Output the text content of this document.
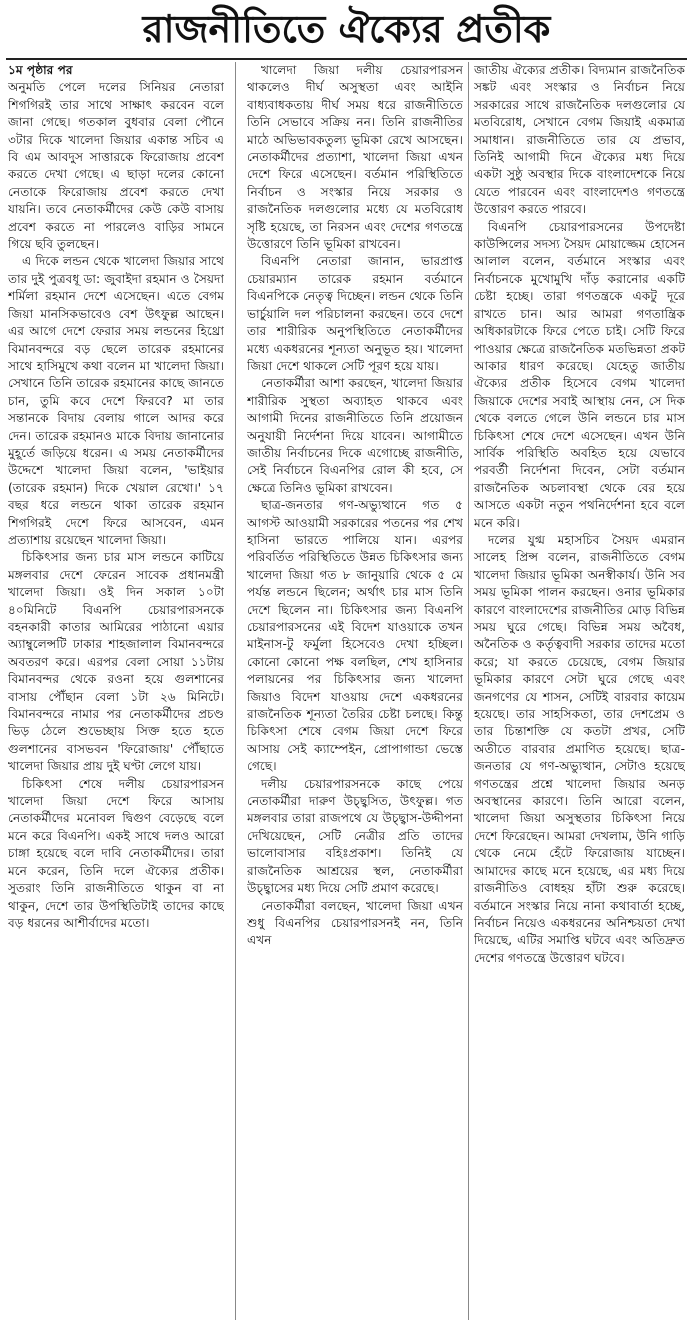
রাজনীতিতে ঐক্যের প্রতীক
১ম পৃষ্ঠার পর

অনুমতি পেলে দলের সিনিয়র নেতারা শিগগিরই তার সাথে সাক্ষাৎ করবেন বলে জানা গেছে। গতকাল বুধবার বেলা পৌনে ৩টার দিকে খালেদা জিয়ার একান্ত সচিব এ বি এম আবদুস সাত্তারকে ফিরোজায় প্রবেশ করতে দেখা গেছে। এ ছাড়া দলের কোনো নেতাকে ফিরোজায় প্রবেশ করতে দেখা যায়নি। তবে নেতাকর্মীদের কেউ কেউ বাসায় প্রবেশ করতে না পারলেও বাড়ির সামনে গিয়ে ছবি তুলছেন।

এ দিকে লন্ডন থেকে খালেদা জিয়ার সাথে তার দুই পুত্রবধূ ডা: জুবাইদা রহমান ও সৈয়দা শর্মিলা রহমান দেশে এসেছেন। এতে বেগম জিয়া মানসিকভাবেও বেশ উৎফুল্ল আছেন। এর আগে দেশে ফেরার সময় লন্ডনের হিথ্রো বিমানবন্দরে বড় ছেলে তারেক রহমানের সাথে হাসিমুখে কথা বলেন মা খালেদা জিয়া। সেখানে তিনি তারেক রহমানের কাছে জানতে চান, তুমি কবে দেশে ফিরবে? মা তার সন্তানকে বিদায় বেলায় গালে আদর করে দেন। তারেক রহমানও মাকে বিদায় জানানোর মুহূর্তে জড়িয়ে ধরেন। এ সময় নেতাকর্মীদের উদ্দেশে খালেদা জিয়া বলেন, 'ভাইয়ার (তারেক রহমান) দিকে খেয়াল রেখো।' ১৭ বছর ধরে লন্ডনে থাকা তারেক রহমান শিগগিরই দেশে ফিরে আসবেন, এমন প্রত্যাশায় রয়েছেন খালেদা জিয়া।

চিকিৎসার জন্য চার মাস লন্ডনে কাটিয়ে মঙ্গলবার দেশে ফেরেন সাবেক প্রধানমন্ত্রী খালেদা জিয়া। ওই দিন সকাল ১০টা ৪০মিনিটে বিএনপি চেয়ারপারসনকে বহনকারী কাতার আমিরের পাঠানো এয়ার অ্যাম্বুলেন্সটি ঢাকার শাহজালাল বিমানবন্দরে অবতরণ করে। এরপর বেলা সোয়া ১১টায় বিমানবন্দর থেকে রওনা হয়ে গুলশানের বাসায় পৌঁছান বেলা ১টা ২৬ মিনিটে। বিমানবন্দরে নামার পর নেতাকর্মীদের প্রচণ্ড ভিড় ঠেলে শুভেচ্ছায় সিক্ত হতে হতে গুলশানের বাসভবন 'ফিরোজায়' পৌঁছাতে খালেদা জিয়ার প্রায় দুই ঘণ্টা লেগে যায়।

চিকিৎসা শেষে দলীয় চেয়ারপারসন খালেদা জিয়া দেশে ফিরে আসায় নেতাকর্মীদের মনোবল দ্বিগুণ বেড়েছে বলে মনে করে বিএনপি। একই সাথে দলও আরো চাঙ্গা হয়েছে বলে দাবি নেতাকর্মীদের। তারা মনে করেন, তিনি দলে ঐক্যের প্রতীক। সুতরাং তিনি রাজনীতিতে থাকুন বা না থাকুন, দেশে তার উপস্থিতিটাই তাদের কাছে বড় ধরনের আশীর্বাদের মতো।

খালেদা জিয়া দলীয় চেয়ারপারসন থাকলেও দীর্ঘ অসুস্থতা এবং আইনি বাধ্যবাধকতায় দীর্ঘ সময় ধরে রাজনীতিতে তিনি সেভাবে সক্রিয় নন। তিনি রাজনীতির মাঠে অভিভাবকতুল্য ভূমিকা রেখে আসছেন। নেতাকর্মীদের প্রত্যাশা, খালেদা জিয়া এখন দেশে ফিরে এসেছেন। বর্তমান পরিস্থিতিতে নির্বাচন ও সংস্কার নিয়ে সরকার ও রাজনৈতিক দলগুলোর মধ্যে যে মতবিরোধ সৃষ্টি হয়েছে, তা নিরসন এবং দেশের গণতন্ত্রে উত্তোরণে তিনি ভূমিকা রাখবেন।

বিএনপি নেতারা জানান, ভারপ্রাপ্ত চেয়ারম্যান তারেক রহমান বর্তমানে বিএনপিকে নেতৃত্ব দিচ্ছেন। লন্ডন থেকে তিনি ভার্চুয়ালি দল পরিচালনা করছেন। তবে দেশে তার শারীরিক অনুপস্থিতিতে নেতাকর্মীদের মধ্যে একধরনের শূন্যতা অনুভূত হয়। খালেদা জিয়া দেশে থাকলে সেটি পূরণ হয়ে যায়।

নেতাকর্মীরা আশা করছেন, খালেদা জিয়ার শারীরিক সুস্থতা অব্যাহত থাকবে এবং আগামী দিনের রাজনীতিতে তিনি প্রয়োজন অনুযায়ী নির্দেশনা দিয়ে যাবেন। আগামীতে জাতীয় নির্বাচনের দিকে এগোচ্ছে রাজনীতি, সেই নির্বাচনে বিএনপির রোল কী হবে, সে ক্ষেত্রে তিনিও ভূমিকা রাখবেন।

ছাত্র-জনতার গণ-অভ্যুত্থানে গত ৫ আগস্ট আওয়ামী সরকারের পতনের পর শেখ হাসিনা ভারতে পালিয়ে যান। এরপর পরিবর্তিত পরিস্থিতিতে উন্নত চিকিৎসার জন্য খালেদা জিয়া গত ৮ জানুয়ারি থেকে ৫ মে পর্যন্ত লন্ডনে ছিলেন; অর্থাৎ চার মাস তিনি দেশে ছিলেন না। চিকিৎসার জন্য বিএনপি চেয়ারপারসনের এই বিদেশ যাওয়াকে তখন মাইনাস-টু ফর্মুলা হিসেবেও দেখা হচ্ছিল। কোনো কোনো পক্ষ বলছিল, শেখ হাসিনার পলায়নের পর চিকিৎসার জন্য খালেদা জিয়াও বিদেশ যাওয়ায় দেশে একধরনের রাজনৈতিক শূন্যতা তৈরির চেষ্টা চলছে। কিন্তু চিকিৎসা শেষে বেগম জিয়া দেশে ফিরে আসায় সেই ক্যাম্পেইন, প্রোপাগান্ডা ভেস্তে গেছে।

দলীয় চেয়ারপারসনকে কাছে পেয়ে নেতাকর্মীরা দারুণ উচ্ছ্বসিত, উৎফুল্ল। গত মঙ্গলবার তারা রাজপথে যে উচ্ছ্বাস-উদ্দীপনা দেখিয়েছেন, সেটি নেত্রীর প্রতি তাদের ভালোবাসার বহিঃপ্রকাশ। তিনিই যে রাজনৈতিক আশ্রয়ের স্থল, নেতাকর্মীরা উচ্ছ্বাসের মধ্য দিয়ে সেটি প্রমাণ করেছে।

নেতাকর্মীরা বলছেন, খালেদা জিয়া এখন শুধু বিএনপির চেয়ারপারসনই নন, তিনি এখন

জাতীয় ঐক্যের প্রতীক। বিদ্যমান রাজনৈতিক সঙ্কট এবং সংস্কার ও নির্বাচন নিয়ে সরকারের সাথে রাজনৈতিক দলগুলোর যে মতবিরোধ, সেখানে বেগম জিয়াই একমাত্র সমাধান। রাজনীতিতে তার যে প্রভাব, তিনিই আগামী দিনে ঐক্যের মধ্য দিয়ে একটা সুষ্ঠু অবস্থার দিকে বাংলাদেশকে নিয়ে যেতে পারবেন এবং বাংলাদেশও গণতন্ত্রে উত্তোরণ করতে পারবে।

বিএনপি চেয়ারপারসনের উপদেষ্টা কাউন্সিলের সদস্য সৈয়দ মোয়াজ্জেম হোসেন আলাল বলেন, বর্তমানে সংস্কার এবং নির্বাচনকে মুখোমুখি দাঁড় করানোর একটি চেষ্টা হচ্ছে। তারা গণতন্ত্রকে একটু দূরে রাখতে চান। আর আমরা গণতান্ত্রিক অধিকারটাকে ফিরে পেতে চাই। সেটি ফিরে পাওয়ার ক্ষেত্রে রাজনৈতিক মতভিন্নতা প্রকট আকার ধারণ করেছে। যেহেতু জাতীয় ঐক্যের প্রতীক হিসেবে বেগম খালেদা জিয়াকে দেশের সবাই আস্থায় নেন, সে দিক থেকে বলতে গেলে উনি লন্ডনে চার মাস চিকিৎসা শেষে দেশে এসেছেন। এখন উনি সার্বিক পরিস্থিতি অবহিত হয়ে যেভাবে পরবর্তী নির্দেশনা দিবেন, সেটা বর্তমান রাজনৈতিক অচলাবস্থা থেকে বের হয়ে আসতে একটা নতুন পথনির্দেশনা হবে বলে মনে করি।

দলের যুগ্ম মহাসচিব সৈয়দ এমরান সালেহ প্রিন্স বলেন, রাজনীতিতে বেগম খালেদা জিয়ার ভূমিকা অনস্বীকার্য। উনি সব সময় ভূমিকা পালন করছেন। ওনার ভূমিকার কারণে বাংলাদেশের রাজনীতির মোড় বিভিন্ন সময় ঘুরে গেছে। বিভিন্ন সময় অবৈধ, অনৈতিক ও কর্তৃত্ববাদী সরকার তাদের মতো করে; যা করতে চেয়েছে, বেগম জিয়ার ভূমিকার কারণে সেটা ঘুরে গেছে এবং জনগণের যে শাসন, সেটিই বারবার কায়েম হয়েছে। তার সাহসিকতা, তার দেশপ্রেম ও তার চিন্তাশক্তি যে কতটা প্রখর, সেটি অতীতে বারবার প্রমাণিত হয়েছে। ছাত্র-জনতার যে গণ-অভ্যুত্থান, সেটাও হয়েছে গণতন্ত্রের প্রশ্নে খালেদা জিয়ার অনড় অবস্থানের কারণে। তিনি আরো বলেন, খালেদা জিয়া অসুস্থতার চিকিৎসা নিয়ে দেশে ফিরেছেন। আমরা দেখলাম, উনি গাড়ি থেকে নেমে হেঁটে ফিরোজায় যাচ্ছেন। আমাদের কাছে মনে হয়েছে, এর মধ্য দিয়ে রাজনীতিও বোধহয় হাঁটা শুরু করেছে। বর্তমানে সংস্কার নিয়ে নানা কথাবার্তা হচ্ছে, নির্বাচন নিয়েও একধরনের অনিশ্চয়তা দেখা দিয়েছে, এটির সমাপ্তি ঘটবে এবং অতিদ্রুত দেশের গণতন্ত্রে উত্তোরণ ঘটবে।
